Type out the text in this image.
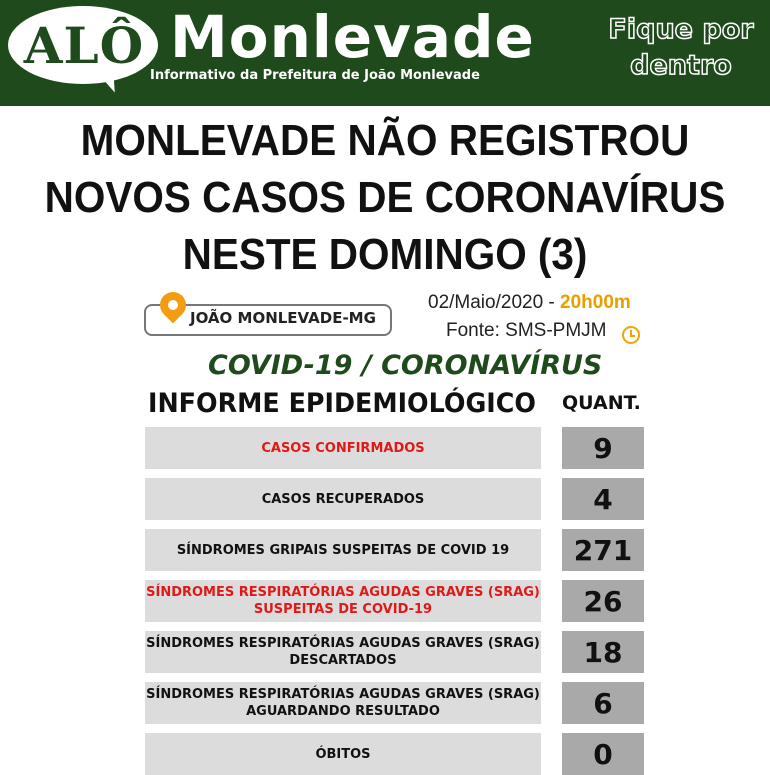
ALÔ Monlevade
Informativo da Prefeitura de João Monlevade
Fique por
dentro
MONLEVADE NÃO REGISTROU
NOVOS CASOS DE CORONAVÍRUS
NESTE DOMINGO (3)
JOÃO MONLEVADE-MG
02/Maio/2020 - 20h00m
Fonte: SMS-PMJM
COVID-19 / CORONAVÍRUS
INFORME EPIDEMIOLÓGICO QUANT.
CASOS CONFIRMADOS	9
CASOS RECUPERADOS	4
SÍNDROMES GRIPAIS SUSPEITAS DE COVID 19	271
SÍNDROMES RESPIRATÓRIAS AGUDAS GRAVES (SRAG)
SUSPEITAS DE COVID-19	26
SÍNDROMES RESPIRATÓRIAS AGUDAS GRAVES (SRAG)
DESCARTADOS	18
SÍNDROMES RESPIRATÓRIAS AGUDAS GRAVES (SRAG)
AGUARDANDO RESULTADO	6
ÓBITOS	0
